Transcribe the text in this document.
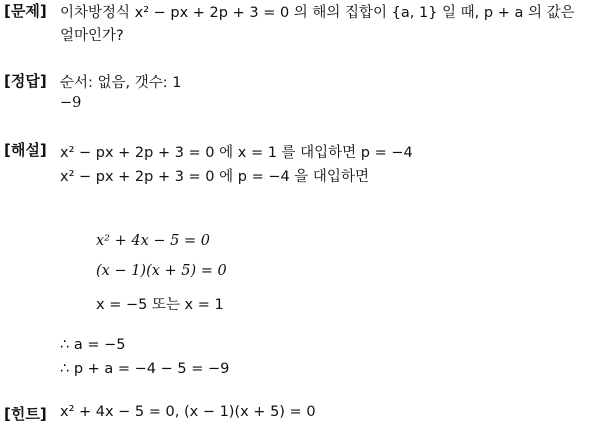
[문제] 이차방정식 x² − px + 2p + 3 = 0 의 해의 집합이 {a, 1} 일 때, p + a 의 값은
얼마인가?
[정답] 순서: 없음, 갯수: 1
−9
[해설] x² − px + 2p + 3 = 0 에 x = 1 를 대입하면 p = −4
x² − px + 2p + 3 = 0 에 p = −4 을 대입하면
x² + 4x − 5 = 0
(x − 1)(x + 5) = 0
x = −5 또는 x = 1
∴ a = −5
∴ p + a = −4 − 5 = −9
[힌트] x² + 4x − 5 = 0, (x − 1)(x + 5) = 0
